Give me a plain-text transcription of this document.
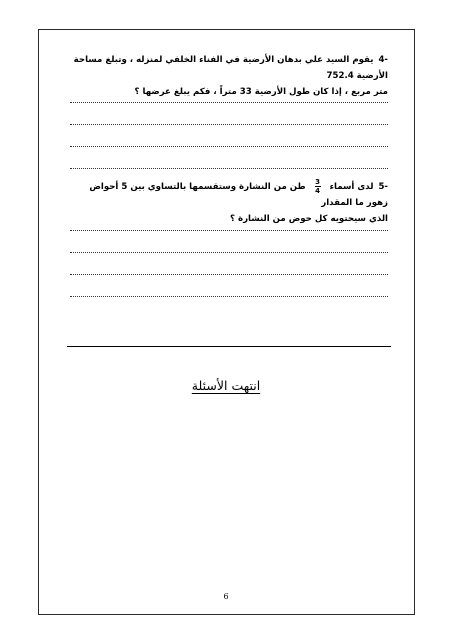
-4 يقوم السيد علي بدهان الأرضية في الفناء الخلفي لمنزله ، وتبلغ مساحة الأرضية 752.4
متر مربع ، إذا كان طول الأرضية 33 متراً ، فكم يبلغ عرضها ؟
-5 لدى أسماء
$\frac{3}{4}$
طن من النشارة وستقسمها بالتساوي بين 5 أحواض زهور ما المقدار
الذي سيحتويه كل حوض من النشارة ؟
انتهت الأسئلة
6
